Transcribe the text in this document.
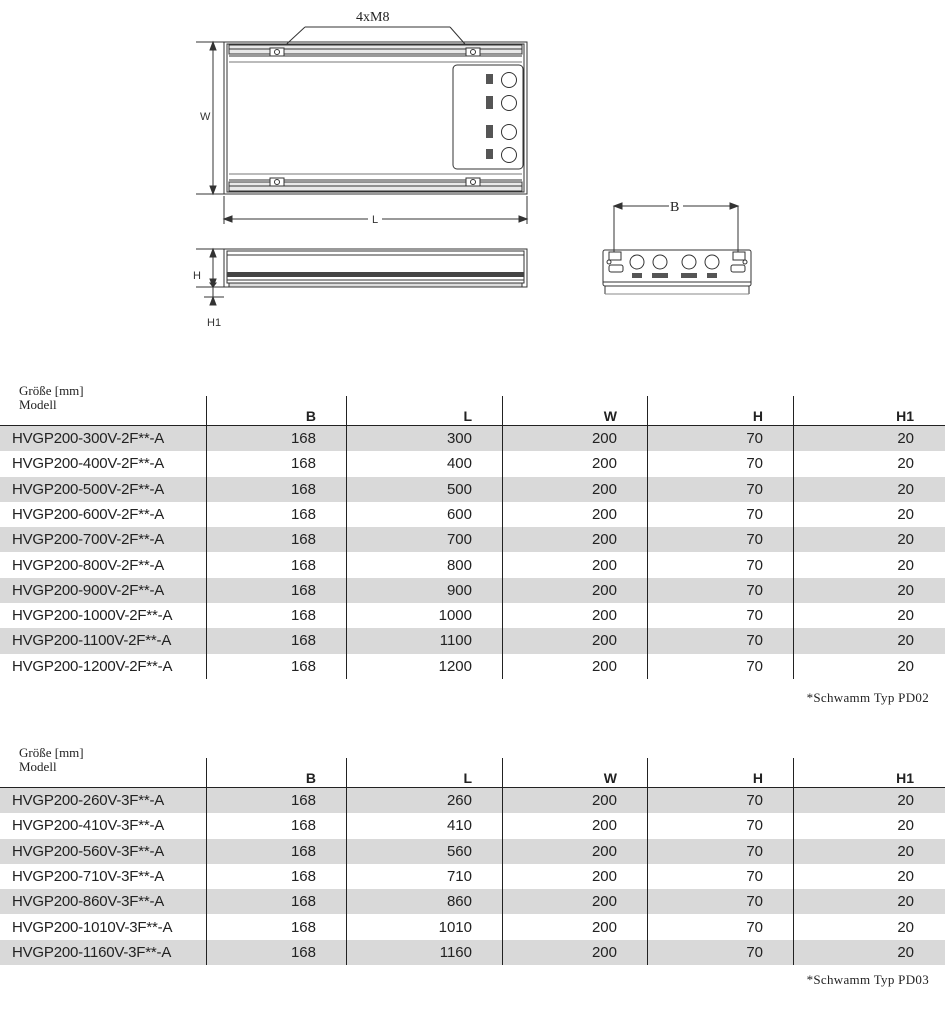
4xM8
W
L
H
H1
B
Größe [mm]
Modell
B	L	W	H	H1
HVGP200-300V-2F**-A	168	300	200	70	20
HVGP200-400V-2F**-A	168	400	200	70	20
HVGP200-500V-2F**-A	168	500	200	70	20
HVGP200-600V-2F**-A	168	600	200	70	20
HVGP200-700V-2F**-A	168	700	200	70	20
HVGP200-800V-2F**-A	168	800	200	70	20
HVGP200-900V-2F**-A	168	900	200	70	20
HVGP200-1000V-2F**-A	168	1000	200	70	20
HVGP200-1100V-2F**-A	168	1100	200	70	20
HVGP200-1200V-2F**-A	168	1200	200	70	20
*Schwamm Typ PD02
Größe [mm]
Modell
B	L	W	H	H1
HVGP200-260V-3F**-A	168	260	200	70	20
HVGP200-410V-3F**-A	168	410	200	70	20
HVGP200-560V-3F**-A	168	560	200	70	20
HVGP200-710V-3F**-A	168	710	200	70	20
HVGP200-860V-3F**-A	168	860	200	70	20
HVGP200-1010V-3F**-A	168	1010	200	70	20
HVGP200-1160V-3F**-A	168	1160	200	70	20
*Schwamm Typ PD03
